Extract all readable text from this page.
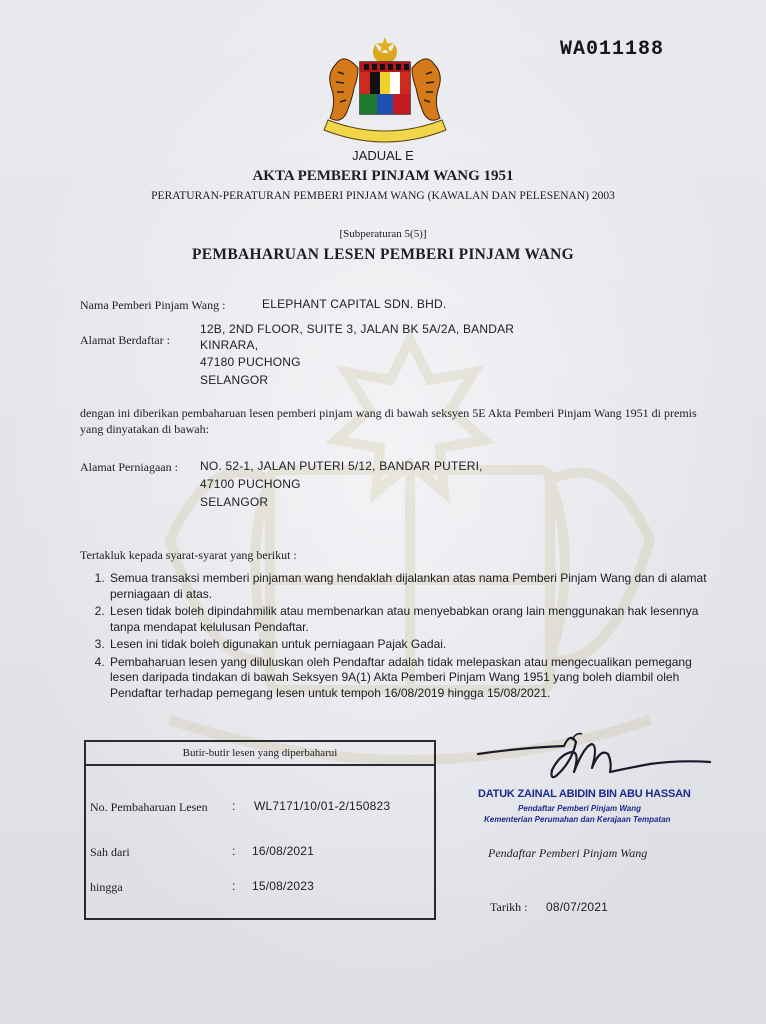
WA011188
JADUAL E
AKTA PEMBERI PINJAM WANG 1951
PERATURAN-PERATURAN PEMBERI PINJAM WANG (KAWALAN DAN PELESENAN) 2003
[Subperaturan 5(5)]
PEMBAHARUAN LESEN PEMBERI PINJAM WANG
Nama Pemberi Pinjam Wang :	ELEPHANT CAPITAL SDN. BHD.
Alamat Berdaftar :
12B, 2ND FLOOR, SUITE 3, JALAN BK 5A/2A, BANDAR
KINRARA,
47180 PUCHONG
SELANGOR
dengan ini diberikan pembaharuan lesen pemberi pinjam wang di bawah seksyen 5E Akta Pemberi Pinjam Wang 1951 di premis yang dinyatakan di bawah:
Alamat Perniagaan : NO. 52-1, JALAN PUTERI 5/12, BANDAR PUTERI,
47100 PUCHONG
SELANGOR
Tertakluk kepada syarat-syarat yang berikut :
1. Semua transaksi memberi pinjaman wang hendaklah dijalankan atas nama Pemberi Pinjam Wang dan di alamat perniagaan di atas.
2. Lesen tidak boleh dipindahmilik atau membenarkan atau menyebabkan orang lain menggunakan hak lesennya tanpa mendapat kelulusan Pendaftar.
3. Lesen ini tidak boleh digunakan untuk perniagaan Pajak Gadai.
4. Pembaharuan lesen yang diluluskan oleh Pendaftar adalah tidak melepaskan atau mengecualikan pemegang lesen daripada tindakan di bawah Seksyen 9A(1) Akta Pemberi Pinjam Wang 1951 yang boleh diambil oleh Pendaftar terhadap pemegang lesen untuk tempoh 16/08/2019 hingga 15/08/2021.
Butir-butir lesen yang diperbaharui
No. Pembaharuan Lesen : WL7171/10/01-2/150823
Sah dari	: 16/08/2021
hingga	: 15/08/2023
DATUK ZAINAL ABIDIN BIN ABU HASSAN
Pendaftar Pemberi Pinjam Wang
Kementerian Perumahan dan Kerajaan Tempatan
Pendaftar Pemberi Pinjam Wang
Tarikh : 08/07/2021
